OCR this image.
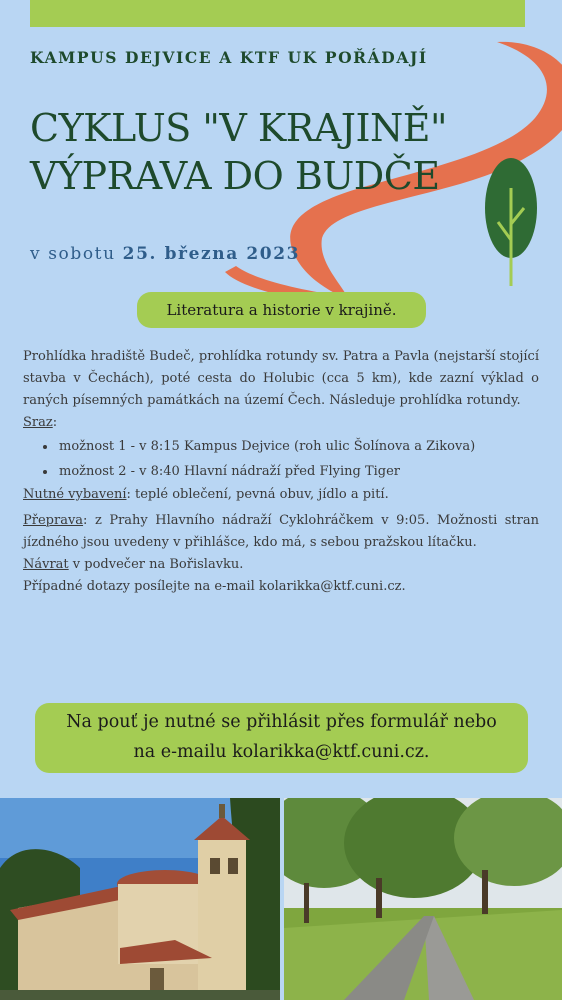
KAMPUS DEJVICE A KTF UK POŘÁDAJÍ
CYKLUS "V KRAJINĚ"
VÝPRAVA DO BUDČE
v sobotu 25. března 2023
Literatura a historie v krajině.

Prohlídka hradiště Budeč, prohlídka rotundy sv. Patra a Pavla (nejstarší stojící stavba v Čechách), poté cesta do Holubic (cca 5 km), kde zazní výklad o raných písemných památkách na území Čech. Následuje prohlídka rotundy.

Sraz:

• možnost 1 - v 8:15 Kampus Dejvice (roh ulic Šolínova a Zikova)
• možnost 2 - v 8:40 Hlavní nádraží před Flying Tiger

Nutné vybavení: teplé oblečení, pevná obuv, jídlo a pití.

Přeprava: z Prahy Hlavního nádraží Cyklohráčkem v 9:05. Možnosti stran jízdného jsou uvedeny v přihlášce, kdo má, s sebou pražskou lítačku.

Návrat v podvečer na Bořislavku.

Případné dotazy posílejte na e-mail kolarikka@ktf.cuni.cz.

Na pouť je nutné se přihlásit přes formulář nebo
na e-mailu kolarikka@ktf.cuni.cz.
